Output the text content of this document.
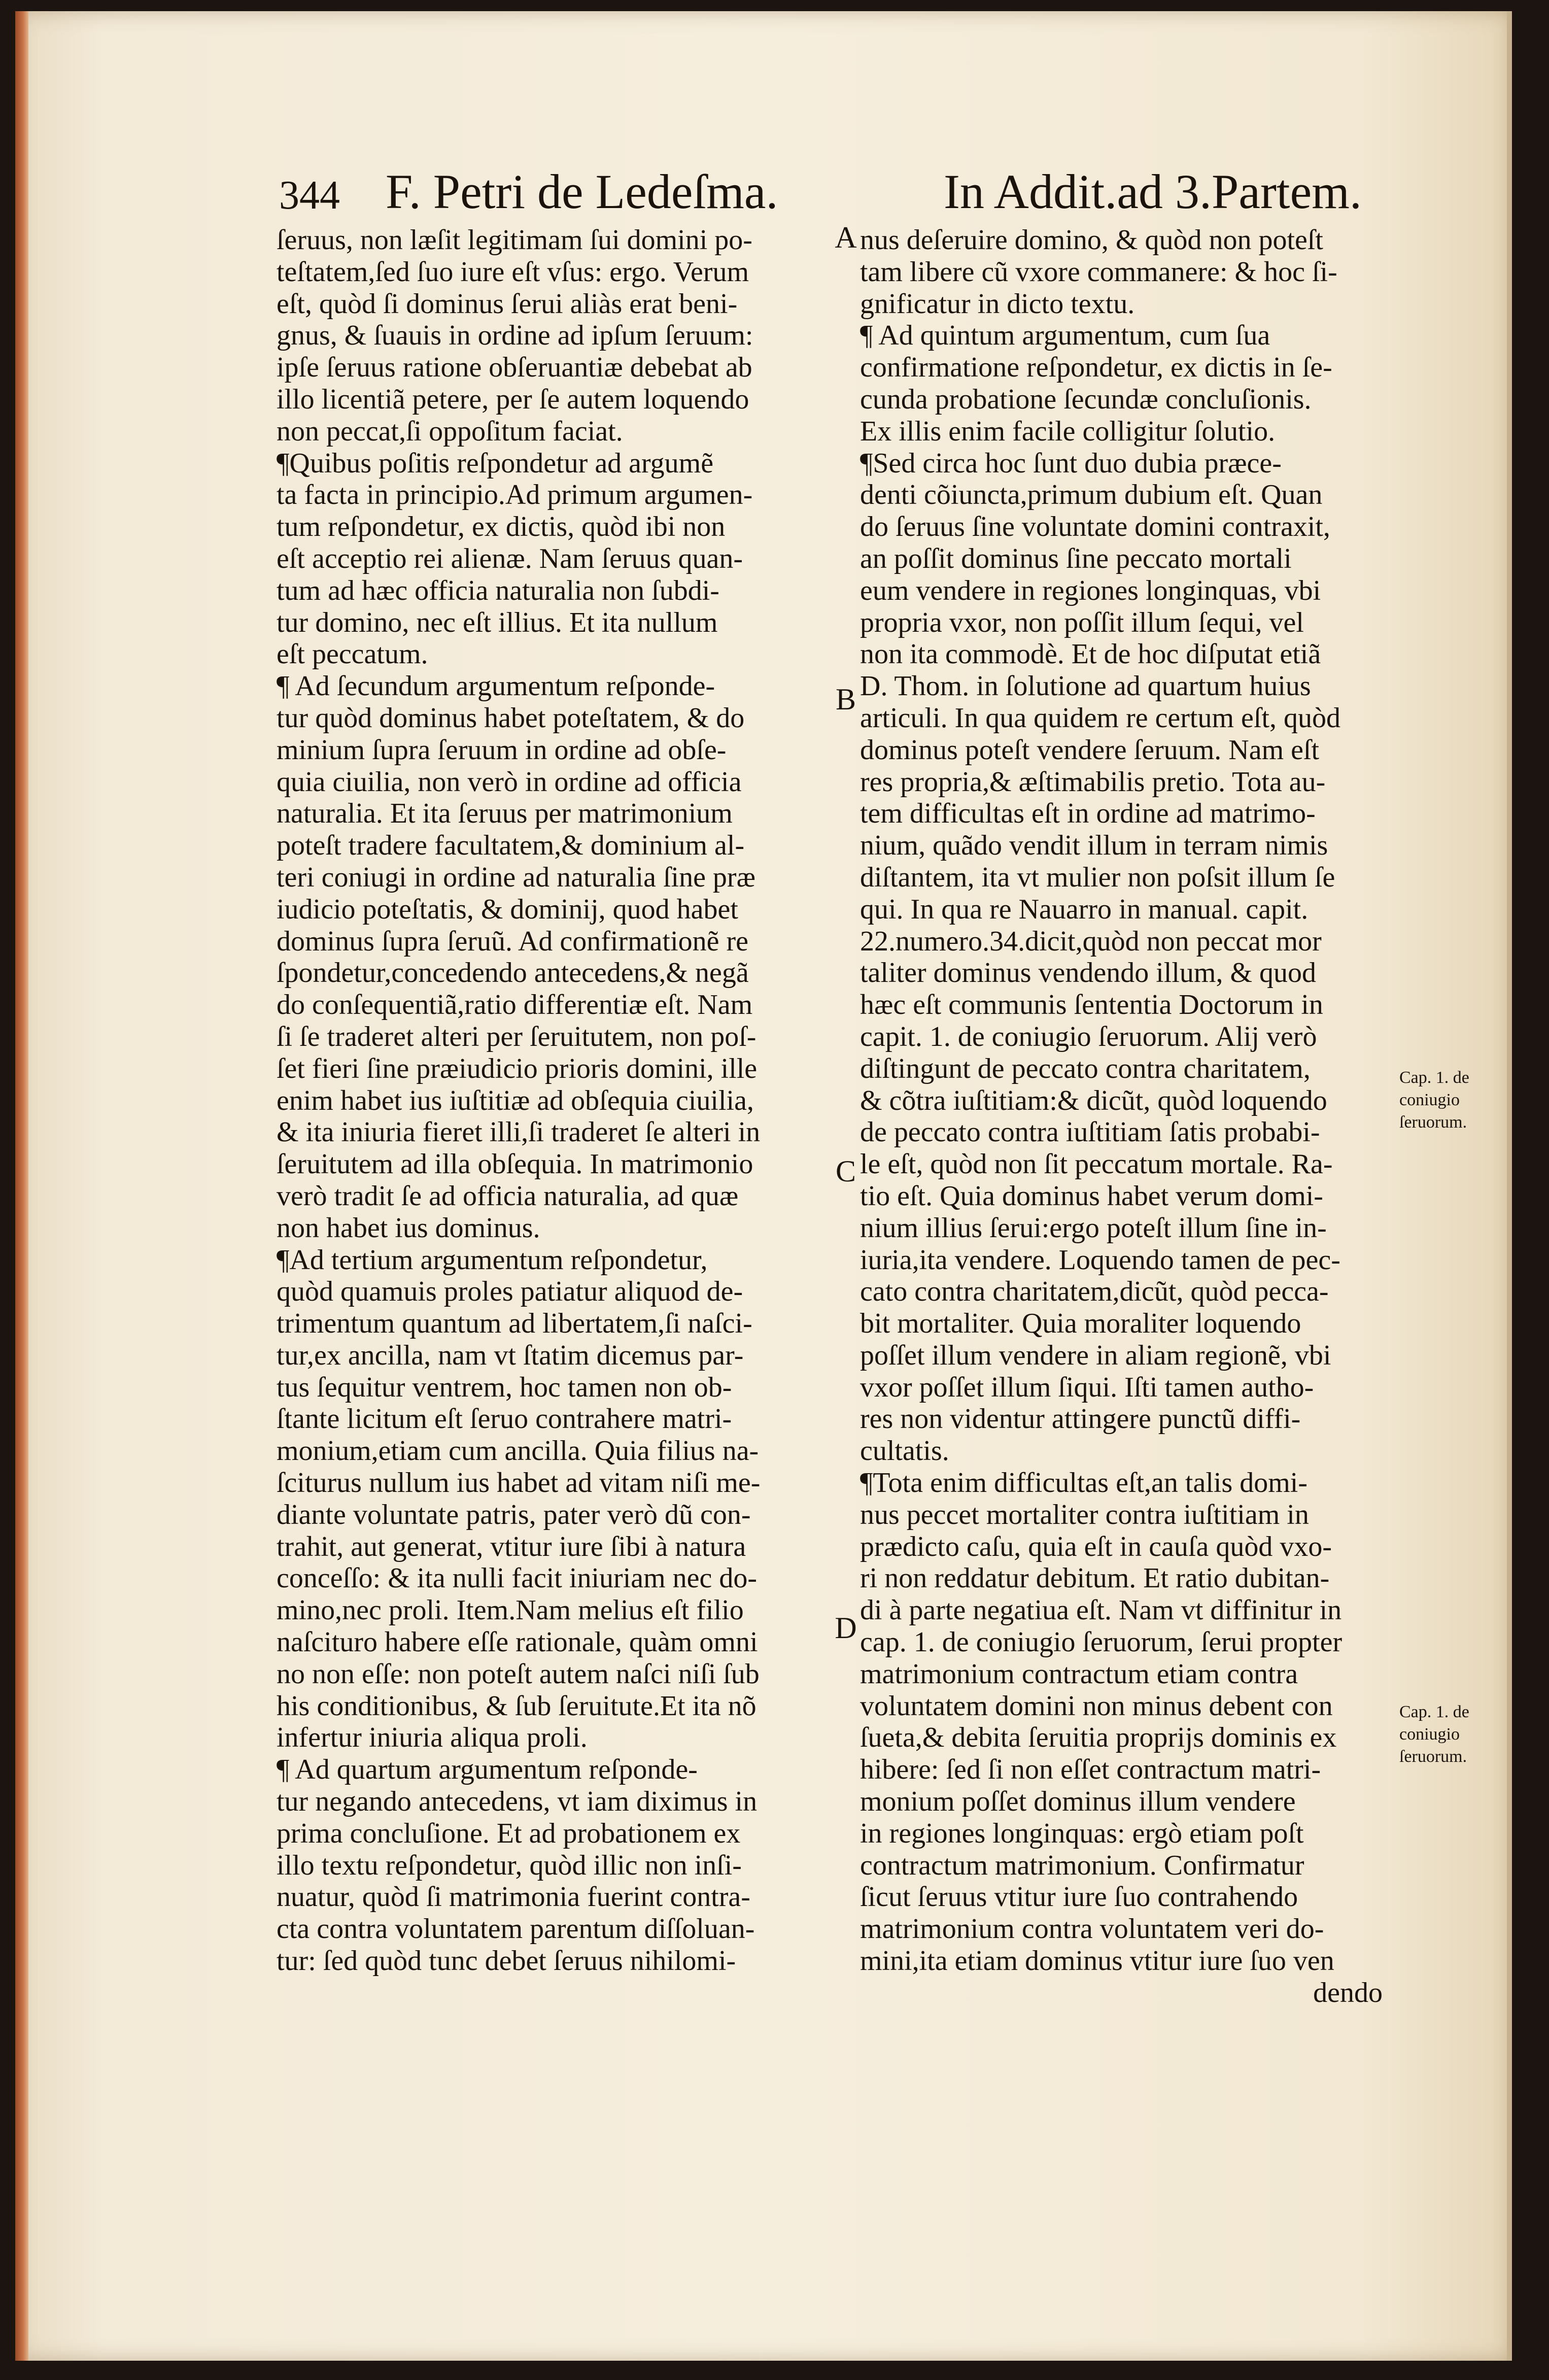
344 F. Petri de Ledeſma.	In Addit.ad 3.Partem.
ſeruus, non læſit legitimam ſui domini po-
teſtatem,ſed ſuo iure eſt vſus: ergo. Verum
eſt, quòd ſi dominus ſerui aliàs erat beni-
gnus, & ſuauis in ordine ad ipſum ſeruum:
ipſe ſeruus ratione obſeruantiæ debebat ab
illo licentiã petere, per ſe autem loquendo
non peccat,ſi oppoſitum faciat.
¶Quibus poſitis reſpondetur ad argumẽ
ta facta in principio.Ad primum argumen-
tum reſpondetur, ex dictis, quòd ibi non
eſt acceptio rei alienæ. Nam ſeruus quan-
tum ad hæc officia naturalia non ſubdi-
tur domino, nec eſt illius. Et ita nullum
eſt peccatum.
¶ Ad ſecundum argumentum reſponde-
tur quòd dominus habet poteſtatem, & do
minium ſupra ſeruum in ordine ad obſe-
quia ciuilia, non verò in ordine ad officia
naturalia. Et ita ſeruus per matrimonium
poteſt tradere facultatem,& dominium al-
teri coniugi in ordine ad naturalia ſine præ
iudicio poteſtatis, & dominij, quod habet
dominus ſupra ſeruũ. Ad confirmationẽ re
ſpondetur,concedendo antecedens,& negã
do conſequentiã,ratio differentiæ eſt. Nam
ſi ſe traderet alteri per ſeruitutem, non poſ-
ſet fieri ſine præiudicio prioris domini, ille
enim habet ius iuſtitiæ ad obſequia ciuilia,
& ita iniuria fieret illi,ſi traderet ſe alteri in
ſeruitutem ad illa obſequia. In matrimonio
verò tradit ſe ad officia naturalia, ad quæ
non habet ius dominus.
¶Ad tertium argumentum reſpondetur,
quòd quamuis proles patiatur aliquod de-
trimentum quantum ad libertatem,ſi naſci-
tur,ex ancilla, nam vt ſtatim dicemus par-
tus ſequitur ventrem, hoc tamen non ob-
ſtante licitum eſt ſeruo contrahere matri-
monium,etiam cum ancilla. Quia filius na-
ſciturus nullum ius habet ad vitam niſi me-
diante voluntate patris, pater verò dũ con-
trahit, aut generat, vtitur iure ſibi à natura
conceſſo: & ita nulli facit iniuriam nec do-
mino,nec proli. Item.Nam melius eſt filio
naſcituro habere eſſe rationale, quàm omni
no non eſſe: non poteſt autem naſci niſi ſub
his conditionibus, & ſub ſeruitute.Et ita nõ
infertur iniuria aliqua proli.
¶ Ad quartum argumentum reſponde-
tur negando antecedens, vt iam diximus in
prima concluſione. Et ad probationem ex
illo textu reſpondetur, quòd illic non inſi-
nuatur, quòd ſi matrimonia fuerint contra-
cta contra voluntatem parentum diſſoluan-
tur: ſed quòd tunc debet ſeruus nihilomi-
nus deſeruire domino, & quòd non poteſt
tam libere cũ vxore commanere: & hoc ſi-
gnificatur in dicto textu.
¶ Ad quintum argumentum, cum ſua
confirmatione reſpondetur, ex dictis in ſe-
cunda probatione ſecundæ concluſionis.
Ex illis enim facile colligitur ſolutio.
¶Sed circa hoc ſunt duo dubia præce-
denti cõiuncta,primum dubium eſt. Quan
do ſeruus ſine voluntate domini contraxit,
an poſſit dominus ſine peccato mortali
eum vendere in regiones longinquas, vbi
propria vxor, non poſſit illum ſequi, vel
non ita commodè. Et de hoc diſputat etiã
D. Thom. in ſolutione ad quartum huius
articuli. In qua quidem re certum eſt, quòd
dominus poteſt vendere ſeruum. Nam eſt
res propria,& æſtimabilis pretio. Tota au-
tem difficultas eſt in ordine ad matrimo-
nium, quãdo vendit illum in terram nimis
diſtantem, ita vt mulier non poſsit illum ſe
qui. In qua re Nauarro in manual. capit.
22.numero.34.dicit,quòd non peccat mor
taliter dominus vendendo illum, & quod
hæc eſt communis ſententia Doctorum in
capit. 1. de coniugio ſeruorum. Alij verò
diſtingunt de peccato contra charitatem,
& cõtra iuſtitiam:& dicũt, quòd loquendo
de peccato contra iuſtitiam ſatis probabi-
le eſt, quòd non ſit peccatum mortale. Ra-
tio eſt. Quia dominus habet verum domi-
nium illius ſerui:ergo poteſt illum ſine in-
iuria,ita vendere. Loquendo tamen de pec-
cato contra charitatem,dicũt, quòd pecca-
bit mortaliter. Quia moraliter loquendo
poſſet illum vendere in aliam regionẽ, vbi
vxor poſſet illum ſiqui. Iſti tamen autho-
res non videntur attingere punctũ diffi-
cultatis.
¶Tota enim difficultas eſt,an talis domi-
nus peccet mortaliter contra iuſtitiam in
prædicto caſu, quia eſt in cauſa quòd vxo-
ri non reddatur debitum. Et ratio dubitan-
di à parte negatiua eſt. Nam vt diffinitur in
cap. 1. de coniugio ſeruorum, ſerui propter
matrimonium contractum etiam contra
voluntatem domini non minus debent con
ſueta,& debita ſeruitia proprijs dominis ex
hibere: ſed ſi non eſſet contractum matri-
monium poſſet dominus illum vendere
in regiones longinquas: ergò etiam poſt
contractum matrimonium. Confirmatur
ſicut ſeruus vtitur iure ſuo contrahendo
matrimonium contra voluntatem veri do-
mini,ita etiam dominus vtitur iure ſuo ven
dendo
A
B
C
D
Cap. 1. de coniugio ſeruorum.
Cap. 1. de coniugio ſeruorum.
